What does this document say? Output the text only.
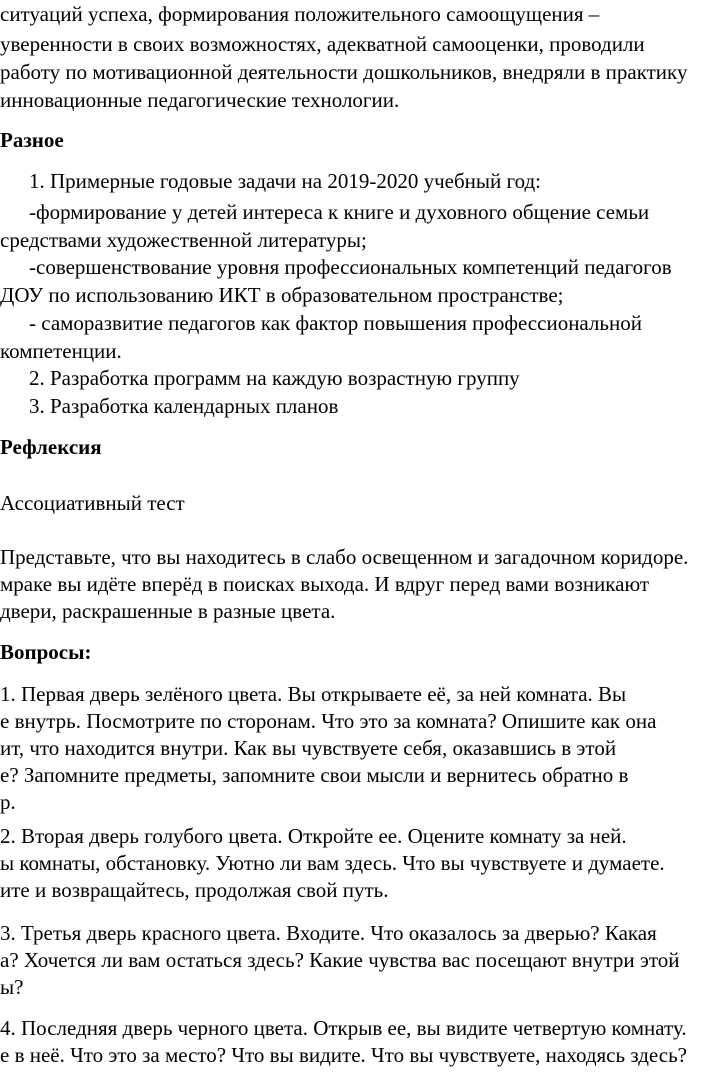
ситуаций успеха, формирования положительного самоощущения –
уверенности в своих возможностях, адекватной самооценки, проводили
работу по мотивационной деятельности дошкольников, внедряли в практику
инновационные педагогические технологии.
Разное
1. Примерные годовые задачи на 2019-2020 учебный год:
-формирование у детей интереса к книге и духовного общение семьи
средствами художественной литературы;
-совершенствование уровня профессиональных компетенций педагогов
ДОУ по использованию ИКТ в образовательном пространстве;
- саморазвитие педагогов как фактор повышения профессиональной
компетенции.
2. Разработка программ на каждую возрастную группу
3. Разработка календарных планов
Рефлексия
Ассоциативный тест
Представьте, что вы находитесь в слабо освещенном и загадочном коридоре.
мраке вы идёте вперёд в поисках выхода. И вдруг перед вами возникают
двери, раскрашенные в разные цвета.
Вопросы:
1. Первая дверь зелёного цвета. Вы открываете её, за ней комната. Вы
е внутрь. Посмотрите по сторонам. Что это за комната? Опишите как она
ит, что находится внутри. Как вы чувствуете себя, оказавшись в этой
е? Запомните предметы, запомните свои мысли и вернитесь обратно в
р.
2. Вторая дверь голубого цвета. Откройте ее. Оцените комнату за ней.
ы комнаты, обстановку. Уютно ли вам здесь. Что вы чувствуете и думаете.
ите и возвращайтесь, продолжая свой путь.
3. Третья дверь красного цвета. Входите. Что оказалось за дверью? Какая
а? Хочется ли вам остаться здесь? Какие чувства вас посещают внутри этой
ы?
4. Последняя дверь черного цвета. Открыв ее, вы видите четвертую комнату.
е в неё. Что это за место? Что вы видите. Что вы чувствуете, находясь здесь?
